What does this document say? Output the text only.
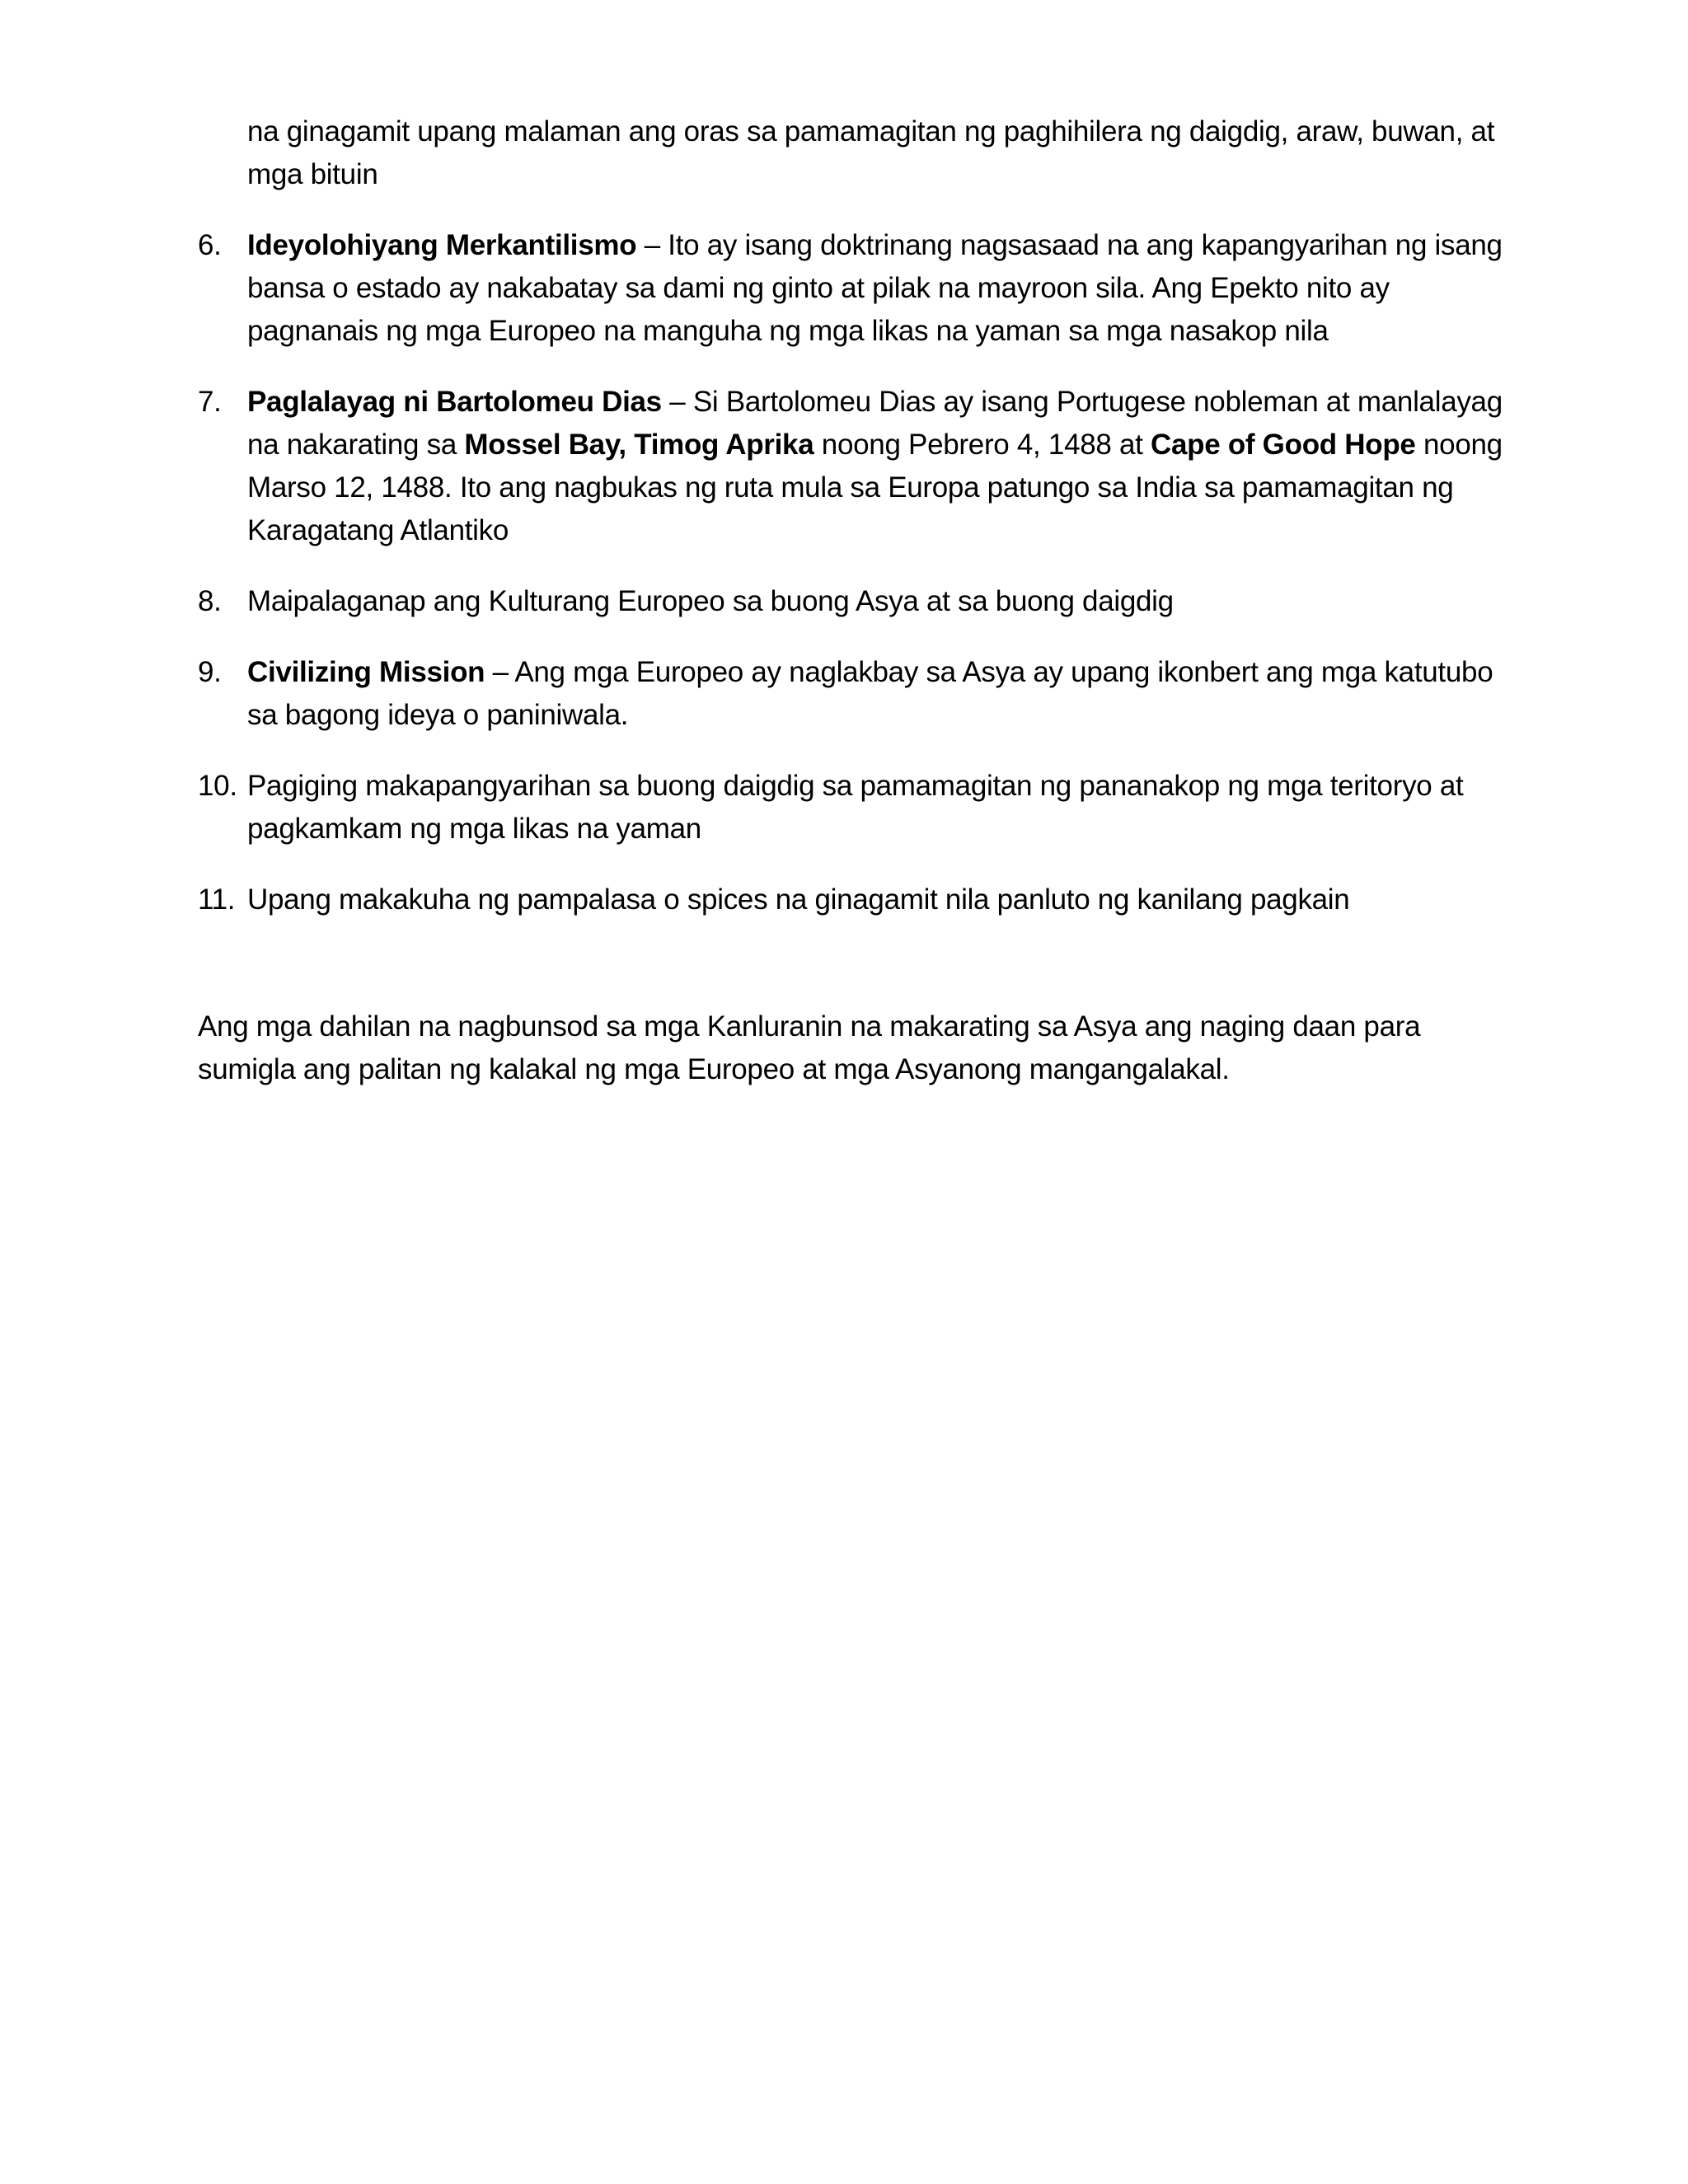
na ginagamit upang malaman ang oras sa pamamagitan ng paghihilera ng daigdig, araw, buwan, at mga bituin

6. Ideyolohiyang Merkantilismo – Ito ay isang doktrinang nagsasaad na ang kapangyarihan ng isang bansa o estado ay nakabatay sa dami ng ginto at pilak na mayroon sila. Ang Epekto nito ay pagnanais ng mga Europeo na manguha ng mga likas na yaman sa mga nasakop nila
7. Paglalayag ni Bartolomeu Dias – Si Bartolomeu Dias ay isang Portugese nobleman at manlalayag na nakarating sa Mossel Bay, Timog Aprika noong Pebrero 4, 1488 at Cape of Good Hope noong Marso 12, 1488. Ito ang nagbukas ng ruta mula sa Europa patungo sa India sa pamamagitan ng Karagatang Atlantiko
8. Maipalaganap ang Kulturang Europeo sa buong Asya at sa buong daigdig
9. Civilizing Mission – Ang mga Europeo ay naglakbay sa Asya ay upang ikonbert ang mga katutubo sa bagong ideya o paniniwala.
10. Pagiging makapangyarihan sa buong daigdig sa pamamagitan ng pananakop ng mga teritoryo at pagkamkam ng mga likas na yaman
11. Upang makakuha ng pampalasa o spices na ginagamit nila panluto ng kanilang pagkain

Ang mga dahilan na nagbunsod sa mga Kanluranin na makarating sa Asya ang naging daan para sumigla ang palitan ng kalakal ng mga Europeo at mga Asyanong mangangalakal.
